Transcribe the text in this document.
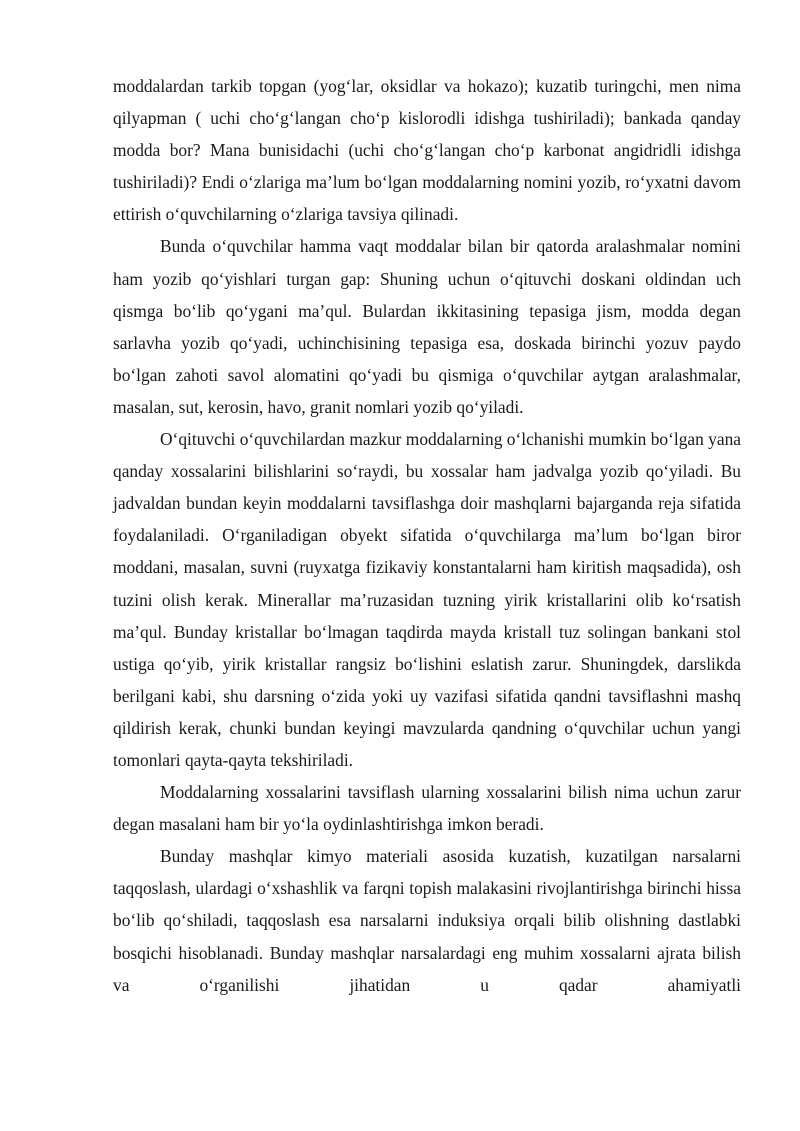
moddalardan tarkib topgan (yog‘lar, oksidlar va hokazo); kuzatib turingchi, men nima qilyapman ( uchi cho‘g‘langan cho‘p kislorodli idishga tushiriladi); bankada qanday modda bor? Mana bunisidachi (uchi cho‘g‘langan cho‘p karbonat angidridli idishga tushiriladi)? Endi o‘zlariga ma’lum bo‘lgan moddalarning nomini yozib, ro‘yxatni davom ettirish o‘quvchilarning o‘zlariga tavsiya qilinadi.

Bunda o‘quvchilar hamma vaqt moddalar bilan bir qatorda aralashmalar nomini ham yozib qo‘yishlari turgan gap: Shuning uchun o‘qituvchi doskani oldindan uch qismga bo‘lib qo‘ygani ma’qul. Bulardan ikkitasining tepasiga jism, modda degan sarlavha yozib qo‘yadi, uchinchisining tepasiga esa, doskada birinchi yozuv paydo bo‘lgan zahoti savol alomatini qo‘yadi bu qismiga o‘quvchilar aytgan aralashmalar, masalan, sut, kerosin, havo, granit nomlari yozib qo‘yiladi.

O‘qituvchi o‘quvchilardan mazkur moddalarning o‘lchanishi mumkin bo‘lgan yana qanday xossalarini bilishlarini so‘raydi, bu xossalar ham jadvalga yozib qo‘yiladi. Bu jadvaldan bundan keyin moddalarni tavsiflashga doir mashqlarni bajarganda reja sifatida foydalaniladi. O‘rganiladigan obyekt sifatida o‘quvchilarga ma’lum bo‘lgan biror moddani, masalan, suvni (ruyxatga fizikaviy konstantalarni ham kiritish maqsadida), osh tuzini olish kerak. Minerallar ma’ruzasidan tuzning yirik kristallarini olib ko‘rsatish ma’qul. Bunday kristallar bo‘lmagan taqdirda mayda kristall tuz solingan bankani stol ustiga qo‘yib, yirik kristallar rangsiz bo‘lishini eslatish zarur. Shuningdek, darslikda berilgani kabi, shu darsning o‘zida yoki uy vazifasi sifatida qandni tavsiflashni mashq qildirish kerak, chunki bundan keyingi mavzularda qandning o‘quvchilar uchun yangi tomonlari qayta-qayta tekshiriladi.

Moddalarning xossalarini tavsiflash ularning xossalarini bilish nima uchun zarur degan masalani ham bir yo‘la oydinlashtirishga imkon beradi.

Bunday mashqlar kimyo materiali asosida kuzatish, kuzatilgan narsalarni taqqoslash, ulardagi o‘xshashlik va farqni topish malakasini rivojlantirishga birinchi hissa bo‘lib qo‘shiladi, taqqoslash esa narsalarni induksiya orqali bilib olishning dastlabki bosqichi hisoblanadi. Bunday mashqlar narsalardagi eng muhim xossalarni ajrata bilish va o‘rganilishi jihatidan u qadar ahamiyatli
